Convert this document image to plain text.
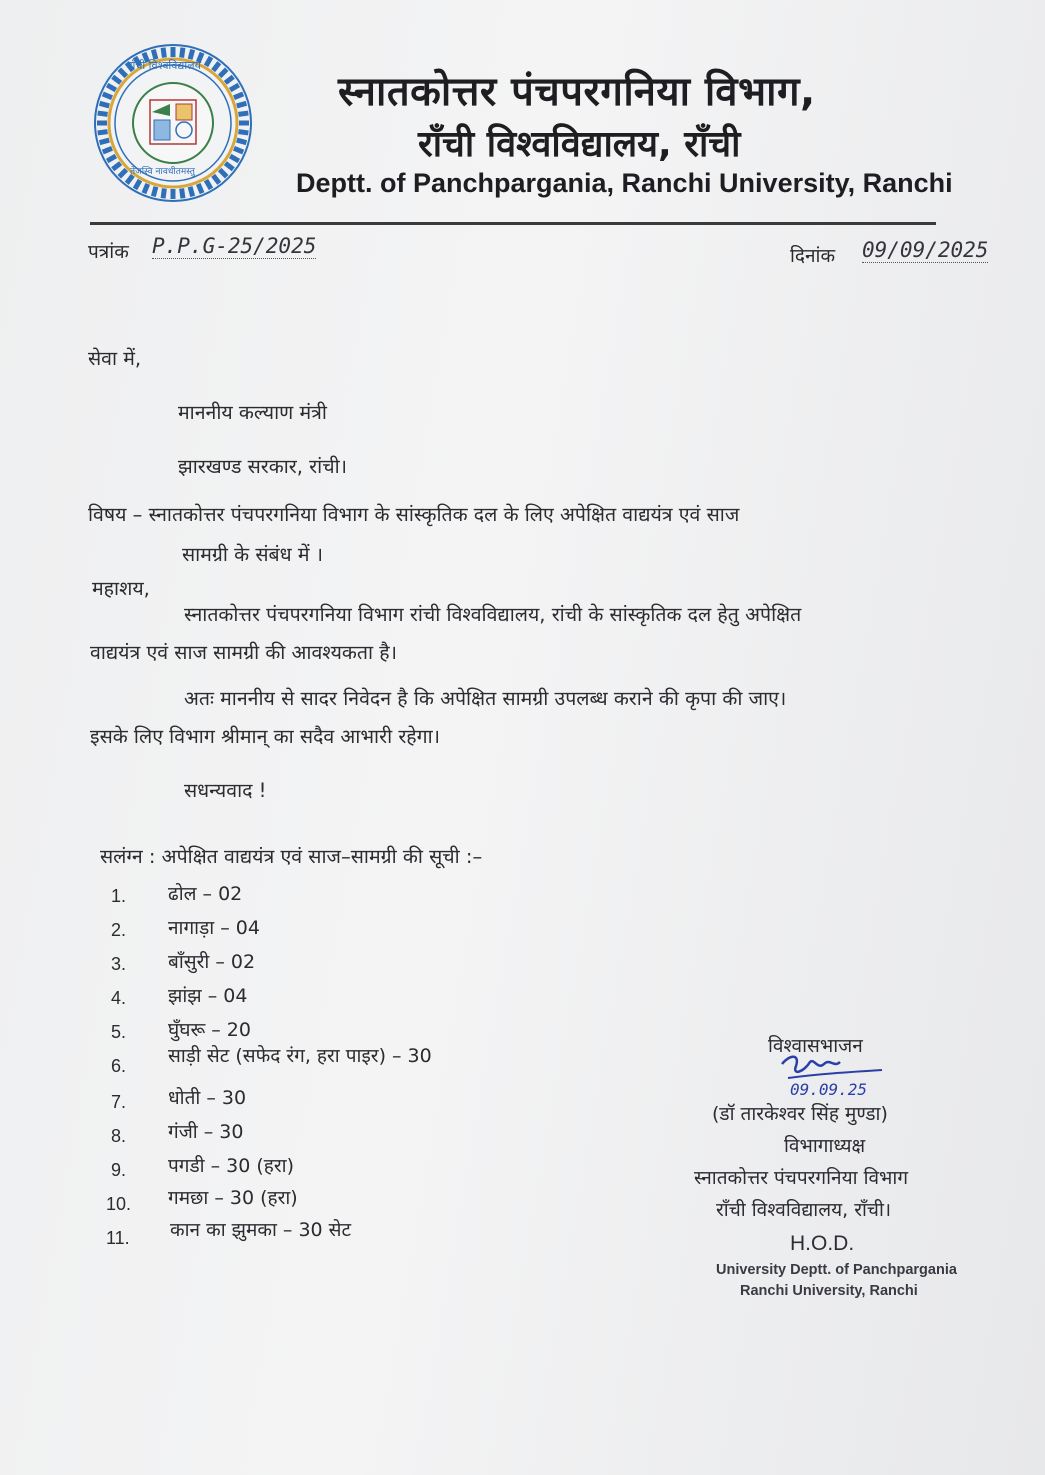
राँची विश्वविद्यालय
तेजस्वि नावधीतमस्तु
स्नातकोत्तर पंचपरगनिया विभाग,
राँची विश्वविद्यालय, राँची
Deptt. of Panchpargania, Ranchi University, Ranchi
पत्रांक P.P.G-25/2025	दिनांक 09/09/2025
सेवा में,
माननीय कल्याण मंत्री
झारखण्ड सरकार, रांची।
विषय – स्नातकोत्तर पंचपरगनिया विभाग के सांस्कृतिक दल के लिए अपेक्षित वाद्ययंत्र एवं साज
सामग्री के संबंध में ।
महाशय,
स्नातकोत्तर पंचपरगनिया विभाग रांची विश्वविद्यालय, रांची के सांस्कृतिक दल हेतु अपेक्षित
वाद्ययंत्र एवं साज सामग्री की आवश्यकता है।
अतः माननीय से सादर निवेदन है कि अपेक्षित सामग्री उपलब्ध कराने की कृपा की जाए।
इसके लिए विभाग श्रीमान् का सदैव आभारी रहेगा।
सधन्यवाद !
सलंग्न : अपेक्षित वाद्ययंत्र एवं साज–सामग्री की सूची :–
1. ढोल – 02
2. नागाड़ा – 04
3. बाँसुरी – 02
4. झांझ – 04
5. घुँघरू – 20
6. साड़ी सेट (सफेद रंग, हरा पाइर) – 30
7. धोती – 30
8. गंजी – 30
9. पगडी – 30 (हरा)
10. गमछा – 30 (हरा)
11. कान का झुमका – 30 सेट
विश्वासभाजन
09.09.25
(डॉ तारकेश्वर सिंह मुण्डा)
विभागाध्यक्ष
स्नातकोत्तर पंचपरगनिया विभाग
राँची विश्वविद्यालय, राँची।
H.O.D.
University Deptt. of Panchpargania
Ranchi University, Ranchi
